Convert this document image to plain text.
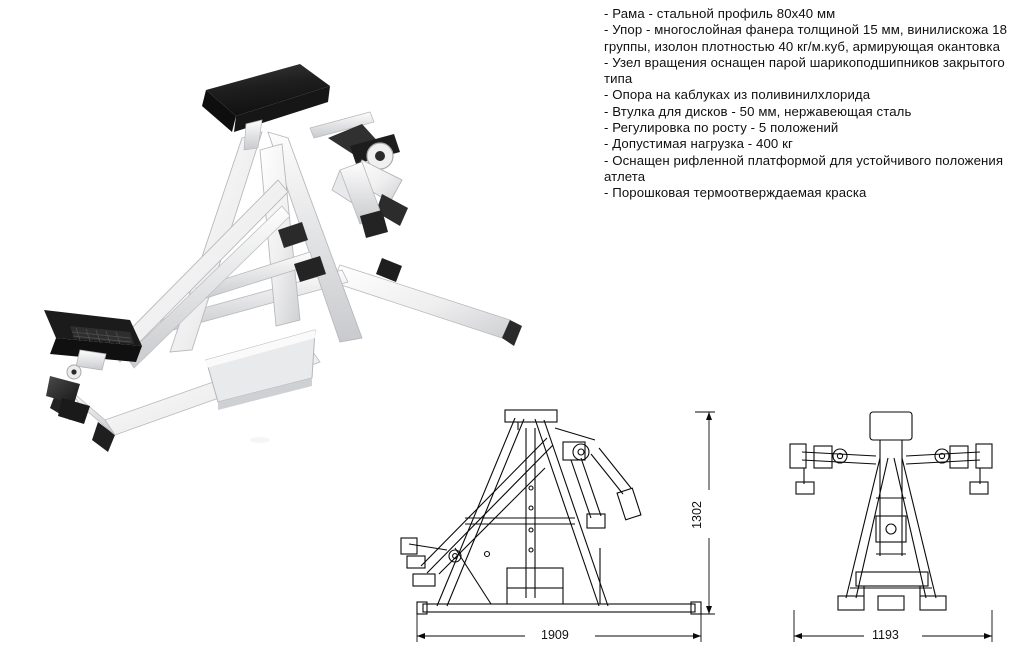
- Рама - стальной профиль 80х40 мм

- Упор - многослойная фанера толщиной 15 мм, винилискожа 18 группы, изолон плотностью 40 кг/м.куб, армирующая окантовка

- Узел вращения оснащен парой шарикоподшипников закрытого типа

- Опора на каблуках из поливинилхлорида

- Втулка для дисков - 50 мм, нержавеющая сталь

- Регулировка по росту - 5 положений

- Допустимая нагрузка - 400 кг

- Оснащен рифленной платформой для устойчивого положения атлета

- Порошковая термоотверждаемая краска

1302
1909	1193
